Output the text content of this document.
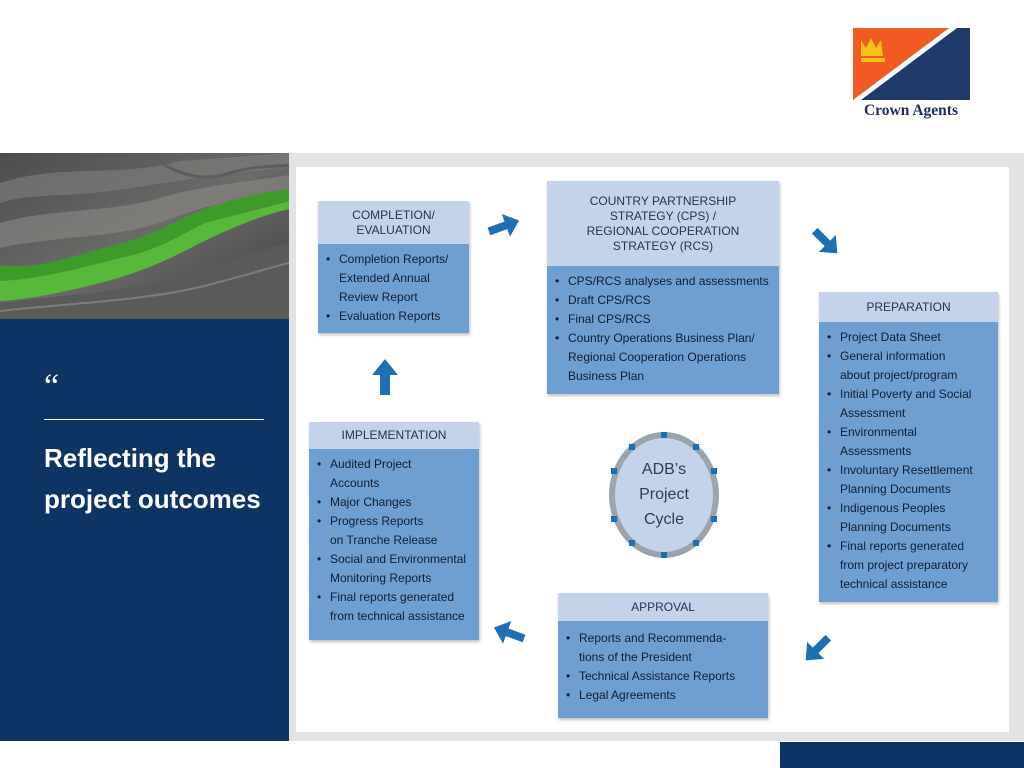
Crown Agents
“
Reflecting the project outcomes
COMPLETION/
EVALUATION
• Completion Reports/
Extended Annual
Review Report
• Evaluation Reports
COUNTRY PARTNERSHIP
STRATEGY (CPS) /
REGIONAL COOPERATION
STRATEGY (RCS)
• CPS/RCS analyses and assessments
• Draft CPS/RCS
• Final CPS/RCS
• Country Operations Business Plan/
Regional Cooperation Operations
Business Plan
PREPARATION
• Project Data Sheet
• General information
about project/program
• Initial Poverty and Social
Assessment
• Environmental
Assessments
• Involuntary Resettlement
Planning Documents
• Indigenous Peoples
Planning Documents
• Final reports generated
from project preparatory
technical assistance
APPROVAL
• Reports and Recommenda-
tions of the President
• Technical Assistance Reports
• Legal Agreements
IMPLEMENTATION
• Audited Project
Accounts
• Major Changes
• Progress Reports
on Tranche Release
• Social and Environmental
Monitoring Reports
• Final reports generated
from technical assistance
ADB’s
Project
Cycle
